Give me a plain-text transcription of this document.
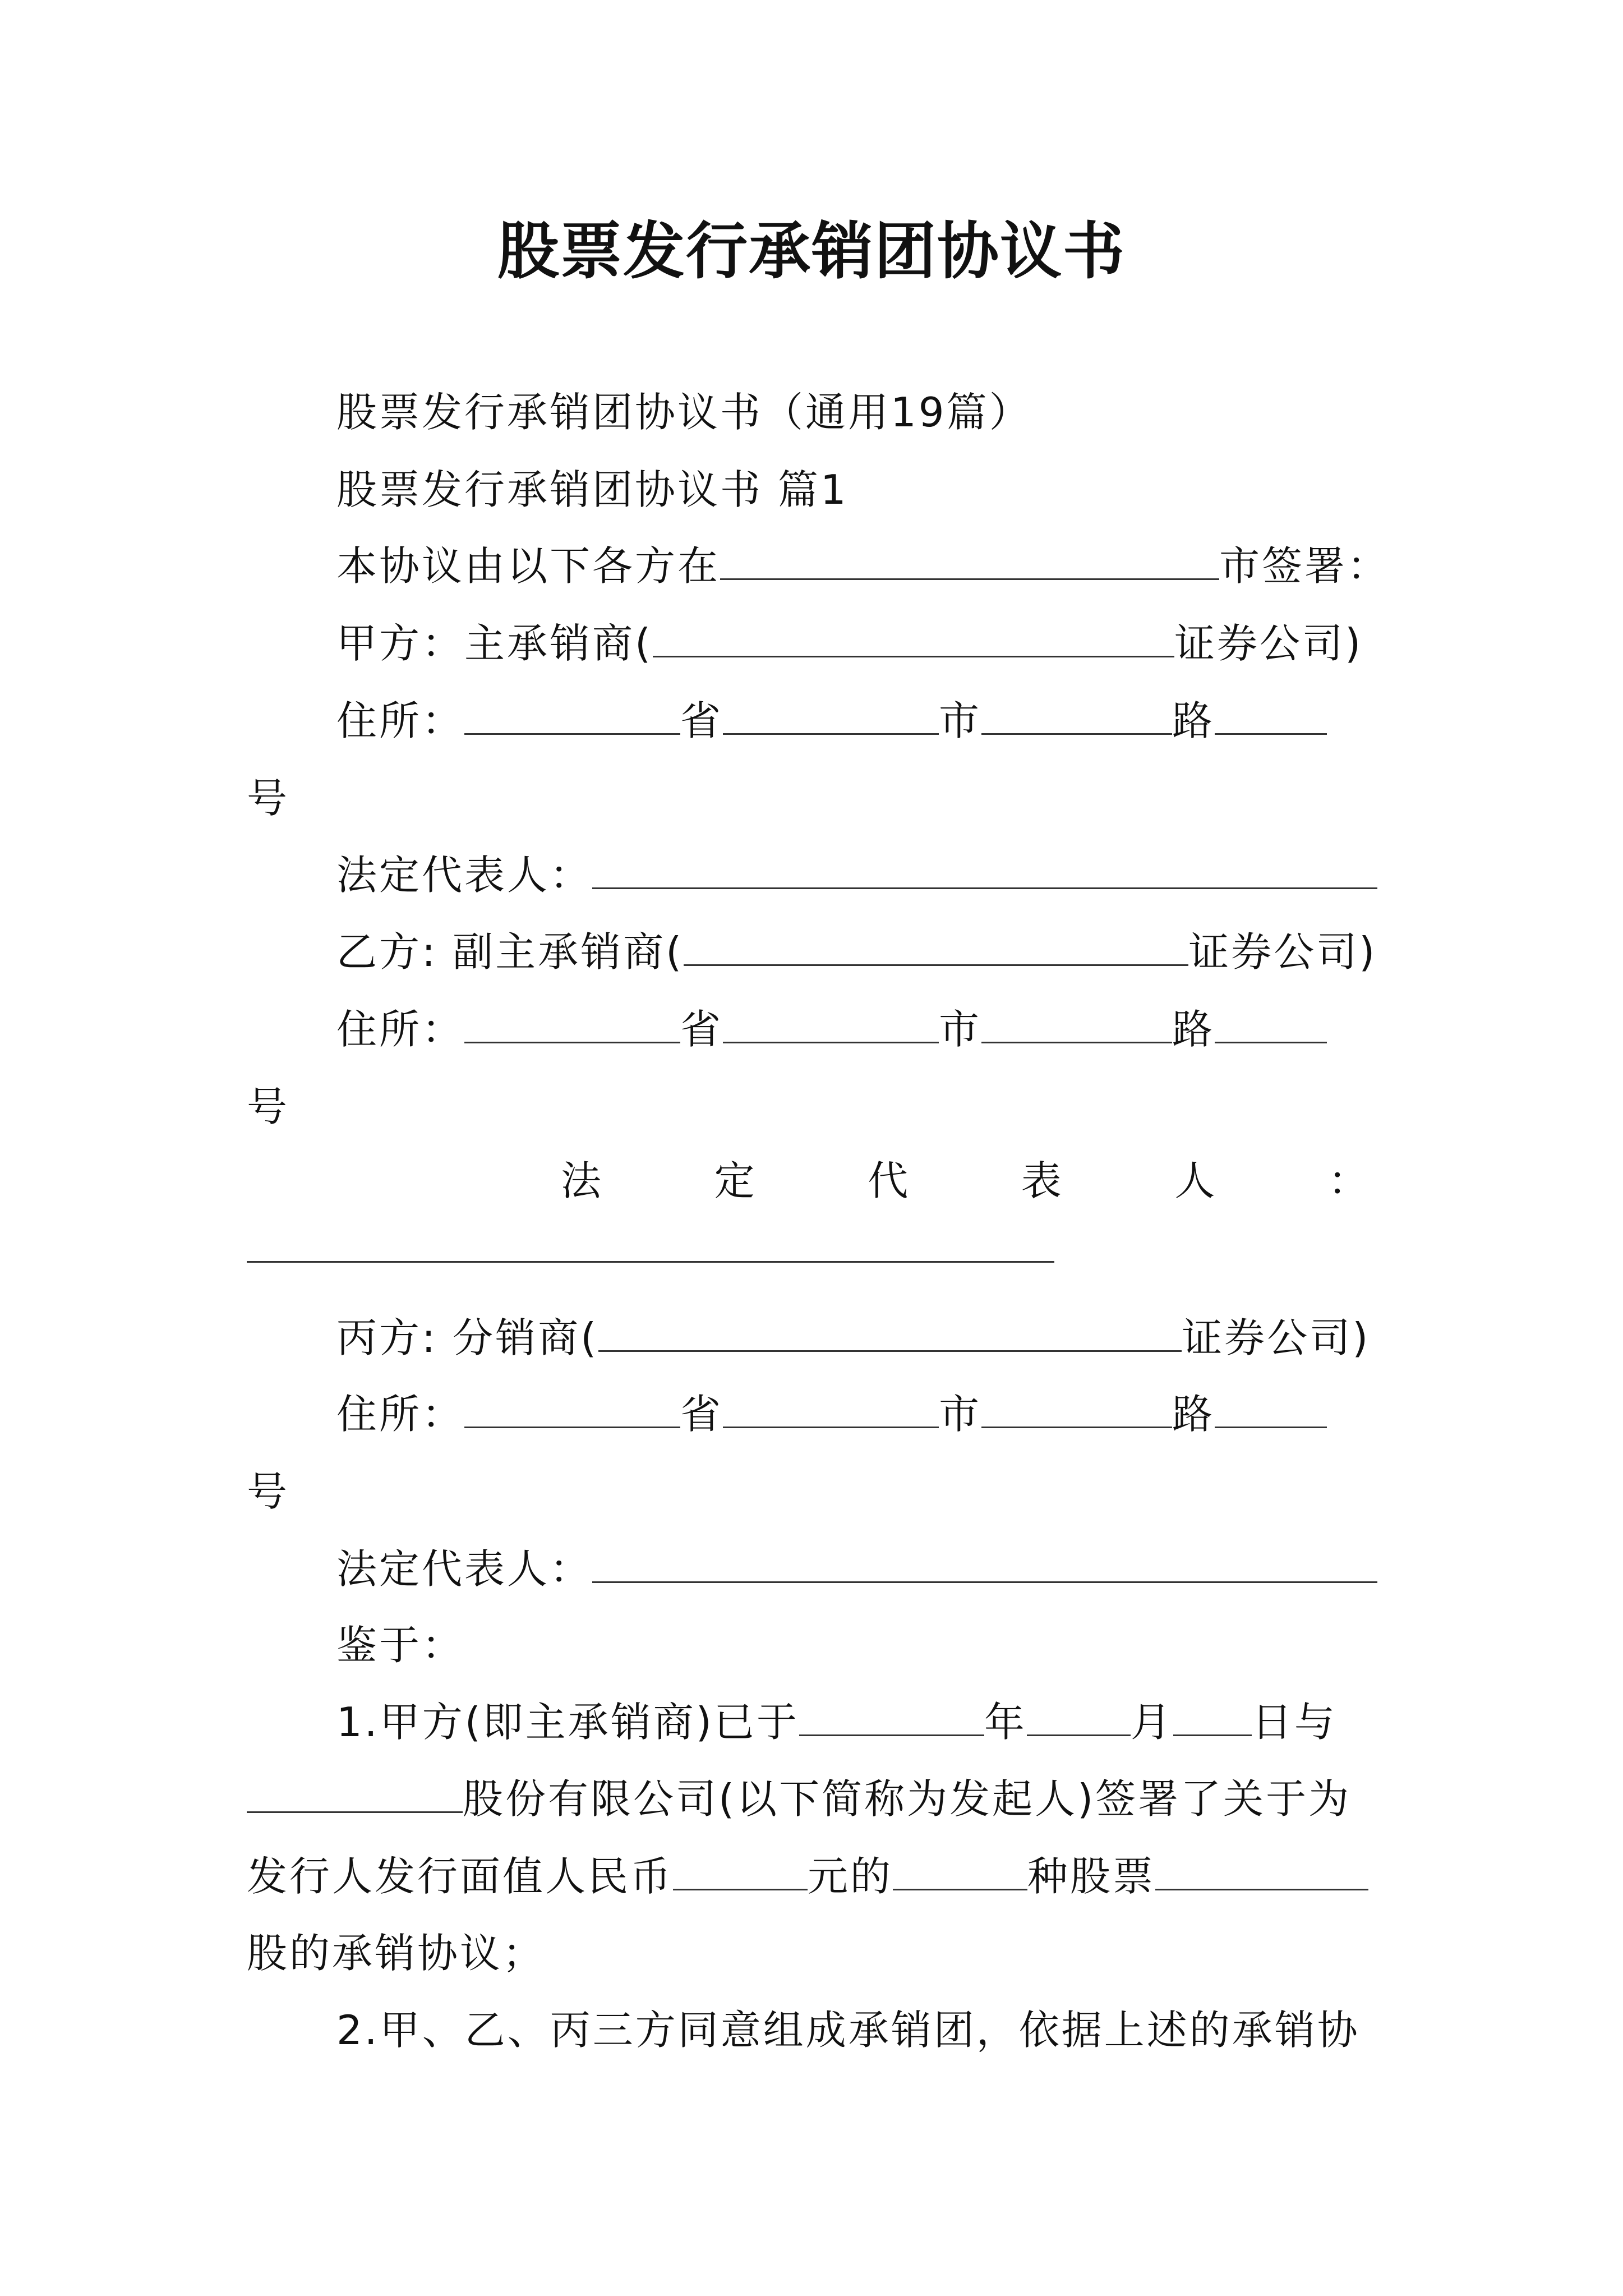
股票发行承销团协议书
股票发行承销团协议书（通用19篇）
股票发行承销团协议书 篇1
本协议由以下各方在	市签署：
甲方：主承销商(	证券公司)
住所：	省	市	路
号
法定代表人：
乙方: 副主承销商(	证券公司)
住所：	省	市	路
号
法	定	代	表	人	：
丙方: 分销商(	证券公司)
住所：	省	市	路
号
法定代表人：
鉴于：
1.甲方(即主承销商)已于	年	月 日与
股份有限公司(以下简称为发起人)签署了关于为
发行人发行面值人民币	元的	种股票
股的承销协议；
2.甲、乙、丙三方同意组成承销团，依据上述的承销协
